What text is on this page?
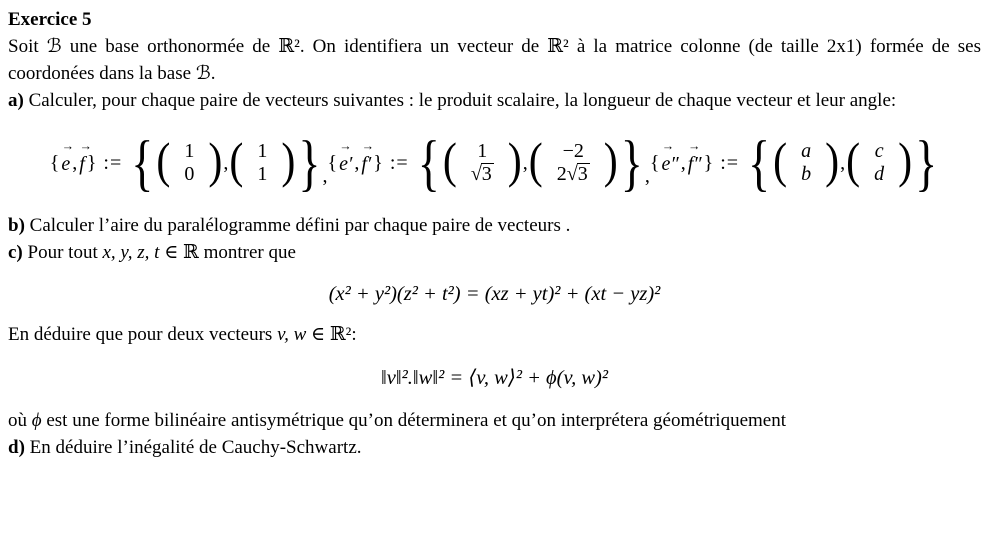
Exercice 5

Soit ℬ une base orthonormée de ℝ². On identifiera un vecteur de ℝ² à la matrice colonne (de taille 2x1) formée de ses coordonées dans la base ℬ.

a) Calculer, pour chaque paire de vecteurs suivantes : le produit scalaire, la longueur de chaque vecteur et leur angle:

{ e → , f → } := { ( 1
0 ) , ( 1
1 ) } ,
{ e′ → , f′ → } := { ( 1
√3 ) , ( −2
2√3 ) } ,
{ e″ → , f″ → } := { ( a
b ) , ( c
d ) }

b) Calculer l’aire du paralélogramme défini par chaque paire de vecteurs .

c) Pour tout x, y, z, t ∈ ℝ montrer que

(x² + y²)(z² + t²) = (xz + yt)² + (xt − yz)²

En déduire que pour deux vecteurs v, w ∈ ℝ²:

‖v‖².‖w‖² = ⟨v, w⟩² + ϕ(v, w)²

où ϕ est une forme bilinéaire antisymétrique qu’on déterminera et qu’on interprétera géométriquement

d) En déduire l’inégalité de Cauchy-Schwartz.
